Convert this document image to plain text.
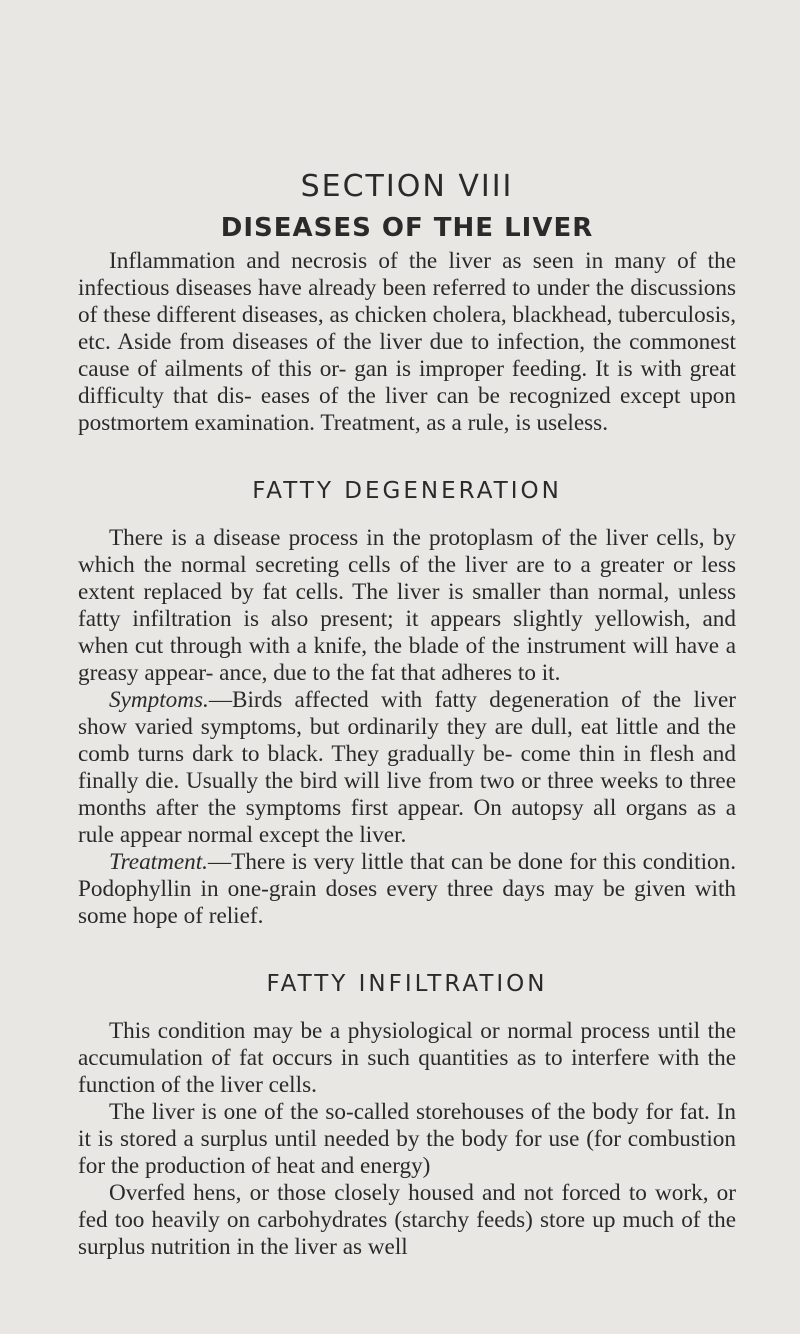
SECTION VIII
DISEASES OF THE LIVER

Inflammation and necrosis of the liver as seen in many of the infectious diseases have already been referred to under the discussions of these different diseases, as chicken cholera, blackhead, tuberculosis, etc. Aside from diseases of the liver due to infection, the commonest cause of ailments of this or- gan is improper feeding. It is with great difficulty that dis- eases of the liver can be recognized except upon postmortem examination. Treatment, as a rule, is useless.

FATTY DEGENERATION

There is a disease process in the protoplasm of the liver cells, by which the normal secreting cells of the liver are to a greater or less extent replaced by fat cells. The liver is smaller than normal, unless fatty infiltration is also present; it appears slightly yellowish, and when cut through with a knife, the blade of the instrument will have a greasy appear- ance, due to the fat that adheres to it.

Symptoms.—Birds affected with fatty degeneration of the liver show varied symptoms, but ordinarily they are dull, eat little and the comb turns dark to black. They gradually be- come thin in flesh and finally die. Usually the bird will live from two or three weeks to three months after the symptoms first appear. On autopsy all organs as a rule appear normal except the liver.

Treatment.—There is very little that can be done for this condition. Podophyllin in one-grain doses every three days may be given with some hope of relief.

FATTY INFILTRATION

This condition may be a physiological or normal process until the accumulation of fat occurs in such quantities as to interfere with the function of the liver cells.

The liver is one of the so-called storehouses of the body for fat. In it is stored a surplus until needed by the body for use (for combustion for the production of heat and energy)

Overfed hens, or those closely housed and not forced to work, or fed too heavily on carbohydrates (starchy feeds) store up much of the surplus nutrition in the liver as well
